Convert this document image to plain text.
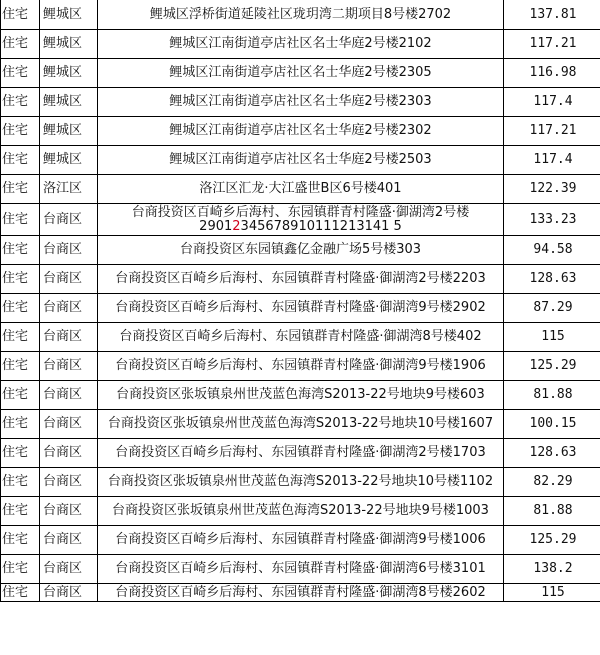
住宅	鲤城区	鲤城区浮桥街道延陵社区珑玥湾二期项目8号楼2702	137.81
住宅	鲤城区	鲤城区江南街道亭店社区名士华庭2号楼2102	117.21
住宅	鲤城区	鲤城区江南街道亭店社区名士华庭2号楼2305	116.98
住宅	鲤城区	鲤城区江南街道亭店社区名士华庭2号楼2303	117.4
住宅	鲤城区	鲤城区江南街道亭店社区名士华庭2号楼2302	117.21
住宅	鲤城区	鲤城区江南街道亭店社区名士华庭2号楼2503	117.4
住宅	洛江区	洛江区汇龙·大江盛世B区6号楼401	122.39
住宅	台商区	台商投资区百崎乡后海村、东园镇群青村隆盛·御湖湾2号楼
29012345678910111213141 5	133.23
住宅	台商区	台商投资区东园镇鑫亿金融广场5号楼303	94.58
住宅	台商区	台商投资区百崎乡后海村、东园镇群青村隆盛·御湖湾2号楼2203	128.63
住宅	台商区	台商投资区百崎乡后海村、东园镇群青村隆盛·御湖湾9号楼2902	87.29
住宅	台商区	台商投资区百崎乡后海村、东园镇群青村隆盛·御湖湾8号楼402	115
住宅	台商区	台商投资区百崎乡后海村、东园镇群青村隆盛·御湖湾9号楼1906	125.29
住宅	台商区	台商投资区张坂镇泉州世茂蓝色海湾S2013-22号地块9号楼603	81.88
住宅	台商区	台商投资区张坂镇泉州世茂蓝色海湾S2013-22号地块10号楼1607	100.15
住宅	台商区	台商投资区百崎乡后海村、东园镇群青村隆盛·御湖湾2号楼1703	128.63
住宅	台商区	台商投资区张坂镇泉州世茂蓝色海湾S2013-22号地块10号楼1102	82.29
住宅	台商区	台商投资区张坂镇泉州世茂蓝色海湾S2013-22号地块9号楼1003	81.88
住宅	台商区	台商投资区百崎乡后海村、东园镇群青村隆盛·御湖湾9号楼1006	125.29
住宅	台商区	台商投资区百崎乡后海村、东园镇群青村隆盛·御湖湾6号楼3101	138.2
住宅	台商区	台商投资区百崎乡后海村、东园镇群青村隆盛·御湖湾8号楼2602	115
